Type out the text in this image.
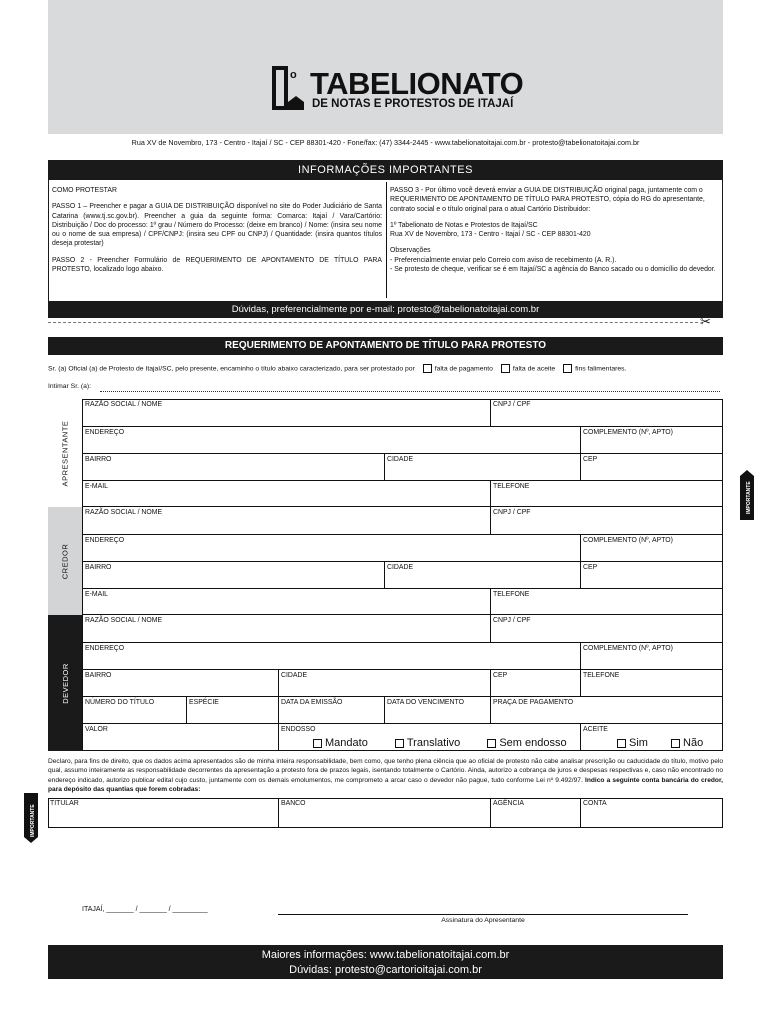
o TABELIONATO
DE NOTAS E PROTESTOS DE ITAJAÍ
Rua XV de Novembro, 173 - Centro - Itajaí / SC - CEP 88301-420 - Fone/fax: (47) 3344-2445 - www.tabelionatoitajai.com.br - protesto@tabelionatoitajai.com.br
INFORMAÇÕES IMPORTANTES

COMO PROTESTAR

PASSO 1 – Preencher e pagar a GUIA DE DISTRIBUIÇÃO disponível no site do Poder Judiciário de Santa Catarina (www.tj.sc.gov.br). Preencher a guia da seguinte forma: Comarca: Itajaí / Vara/Cartório: Distribuição / Doc do processo: 1º grau / Número do Processo: (deixe em branco) / Nome: (insira seu nome ou o nome de sua empresa) / CPF/CNPJ: (insira seu CPF ou CNPJ) / Quantidade: (insira quantos títulos deseja protestar)

PASSO 2 - Preencher Formulário de REQUERIMENTO DE APONTAMENTO DE TÍTULO PARA PROTESTO, localizado logo abaixo.

PASSO 3 - Por último você deverá enviar a GUIA DE DISTRIBUIÇÃO original paga, juntamente com o REQUERIMENTO DE APONTAMENTO DE TÍTULO PARA PROTESTO, cópia do RG do apresentante, contrato social e o título original para o atual Cartório Distribuidor:

1º Tabelionato de Notas e Protestos de Itajaí/SC

Rua XV de Novembro, 173 - Centro - Itajaí / SC - CEP 88301-420

Observações
- Preferencialmente enviar pelo Correio com aviso de recebimento (A. R.).
- Se protesto de cheque, verificar se é em Itajaí/SC a agência do Banco sacado ou o domicílio do devedor.
Dúvidas, preferencialmente por e-mail: protesto@tabelionatoitajai.com.br
✂
REQUERIMENTO DE APONTAMENTO DE TÍTULO PARA PROTESTO
Sr. (a) Oficial (a) de Protesto de Itajaí/SC, pelo presente, encaminho o título abaixo caracterizado, para ser protestado por	falta de pagamento	falta de aceite	fins falimentares.
Intimar Sr. (a):
APRESENTANTE
RAZÃO SOCIAL / NOME	CNPJ / CPF
ENDEREÇO	COMPLEMENTO (Nº, APTO)
BAIRRO	CIDADE	CEP
E-MAIL	TELEFONE
CREDOR
RAZÃO SOCIAL / NOME	CNPJ / CPF
ENDEREÇO	COMPLEMENTO (Nº, APTO)
BAIRRO	CIDADE	CEP
E-MAIL	TELEFONE
DEVEDOR
RAZÃO SOCIAL / NOME	CNPJ / CPF
ENDEREÇO	COMPLEMENTO (Nº, APTO)
BAIRRO	CIDADE	CEP	TELEFONE
NÚMERO DO TÍTULO	ESPÉCIE	DATA DA EMISSÃO	DATA DO VENCIMENTO	PRAÇA DE PAGAMENTO
VALOR	ENDOSSO
Mandato	Translativo	Sem endosso
ACEITE
Sim	Não
IMPORTANTE
Declaro, para fins de direito, que os dados acima apresentados são de minha inteira responsabilidade, bem como, que tenho plena ciência que ao oficial de protesto não cabe analisar prescrição ou caducidade do título, motivo pelo qual, assumo inteiramente as responsabilidade decorrentes da apresentação a protesto fora de prazos legais, isentando totalmente o Cartório. Ainda, autorizo a cobrança de juros e despesas respectivas e, caso não encontrado no endereço indicado, autorizo publicar edital cujo custo, juntamente com os demais emolumentos, me comprometo a arcar caso o devedor não pague, tudo conforme Lei nº 9.492/97. Indico a seguinte conta bancária do credor, para depósito das quantias que forem cobradas:
IMPORTANTE
TITULAR	BANCO	AGÊNCIA	CONTA
ITAJAÍ, _______ / _______ / _________
Assinatura do Apresentante
Maiores informações: www.tabelionatoitajai.com.br
Dúvidas: protesto@cartorioitajai.com.br
